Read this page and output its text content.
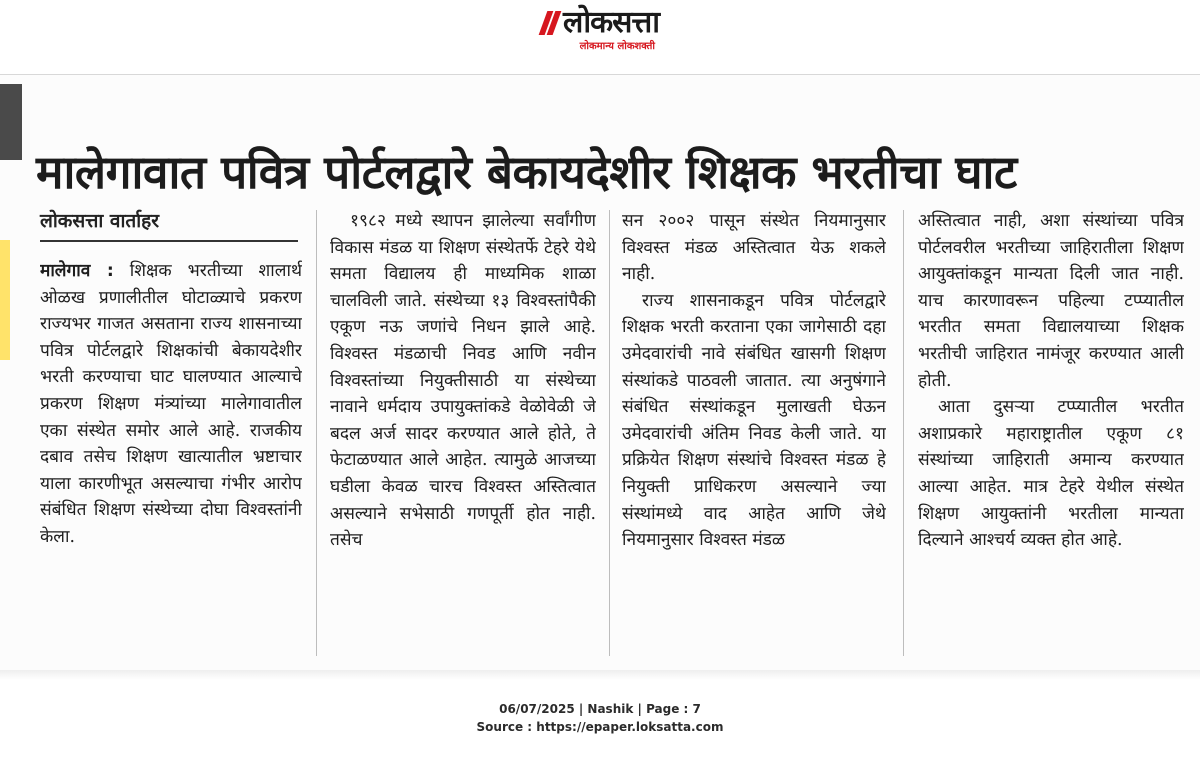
लोकसत्ता
लोकमान्य लोकशक्ती
मालेगावात पवित्र पोर्टलद्वारे बेकायदेशीर शिक्षक भरतीचा घाट
लोकसत्ता वार्ताहर

मालेगाव : शिक्षक भरतीच्या शालार्थ ओळख प्रणालीतील घोटाळ्याचे प्रकरण राज्यभर गाजत असताना राज्य शासनाच्या पवित्र पोर्टलद्वारे शिक्षकांची बेकायदेशीर भरती करण्याचा घाट घालण्यात आल्याचे प्रकरण शिक्षण मंत्र्यांच्या मालेगावातील एका संस्थेत समोर आले आहे. राजकीय दबाव तसेच शिक्षण खात्यातील भ्रष्टाचार याला कारणीभूत असल्याचा गंभीर आरोप संबंधित शिक्षण संस्थेच्या दोघा विश्वस्तांनी केला.

१९८२ मध्ये स्थापन झालेल्या सर्वांगीण विकास मंडळ या शिक्षण संस्थेतर्फे टेहरे येथे समता विद्यालय ही माध्यमिक शाळा चालविली जाते. संस्थेच्या १३ विश्वस्तांपैकी एकूण नऊ जणांचे निधन झाले आहे. विश्वस्त मंडळाची निवड आणि नवीन विश्वस्तांच्या नियुक्तीसाठी या संस्थेच्या नावाने धर्मदाय उपायुक्तांकडे वेळोवेळी जे बदल अर्ज सादर करण्यात आले होते, ते फेटाळण्यात आले आहेत. त्यामुळे आजच्या घडीला केवळ चारच विश्वस्त अस्तित्वात असल्याने सभेसाठी गणपूर्ती होत नाही. तसेच

सन २००२ पासून संस्थेत नियमानुसार विश्वस्त मंडळ अस्तित्वात येऊ शकले नाही.

राज्य शासनाकडून पवित्र पोर्टलद्वारे शिक्षक भरती करताना एका जागेसाठी दहा उमेदवारांची नावे संबंधित खासगी शिक्षण संस्थांकडे पाठवली जातात. त्या अनुषंगाने संबंधित संस्थांकडून मुलाखती घेऊन उमेदवारांची अंतिम निवड केली जाते. या प्रक्रियेत शिक्षण संस्थांचे विश्वस्त मंडळ हे नियुक्ती प्राधिकरण असल्याने ज्या संस्थांमध्ये वाद आहेत आणि जेथे नियमानुसार विश्वस्त मंडळ

अस्तित्वात नाही, अशा संस्थांच्या पवित्र पोर्टलवरील भरतीच्या जाहिरातीला शिक्षण आयुक्तांकडून मान्यता दिली जात नाही. याच कारणावरून पहिल्या टप्प्यातील भरतीत समता विद्यालयाच्या शिक्षक भरतीची जाहिरात नामंजूर करण्यात आली होती.

आता दुसऱ्या टप्प्यातील भरतीत अशाप्रकारे महाराष्ट्रातील एकूण ८१ संस्थांच्या जाहिराती अमान्य करण्यात आल्या आहेत. मात्र टेहरे येथील संस्थेत शिक्षण आयुक्तांनी भरतीला मान्यता दिल्याने आश्चर्य व्यक्त होत आहे.

06/07/2025 | Nashik | Page : 7
Source : https://epaper.loksatta.com
